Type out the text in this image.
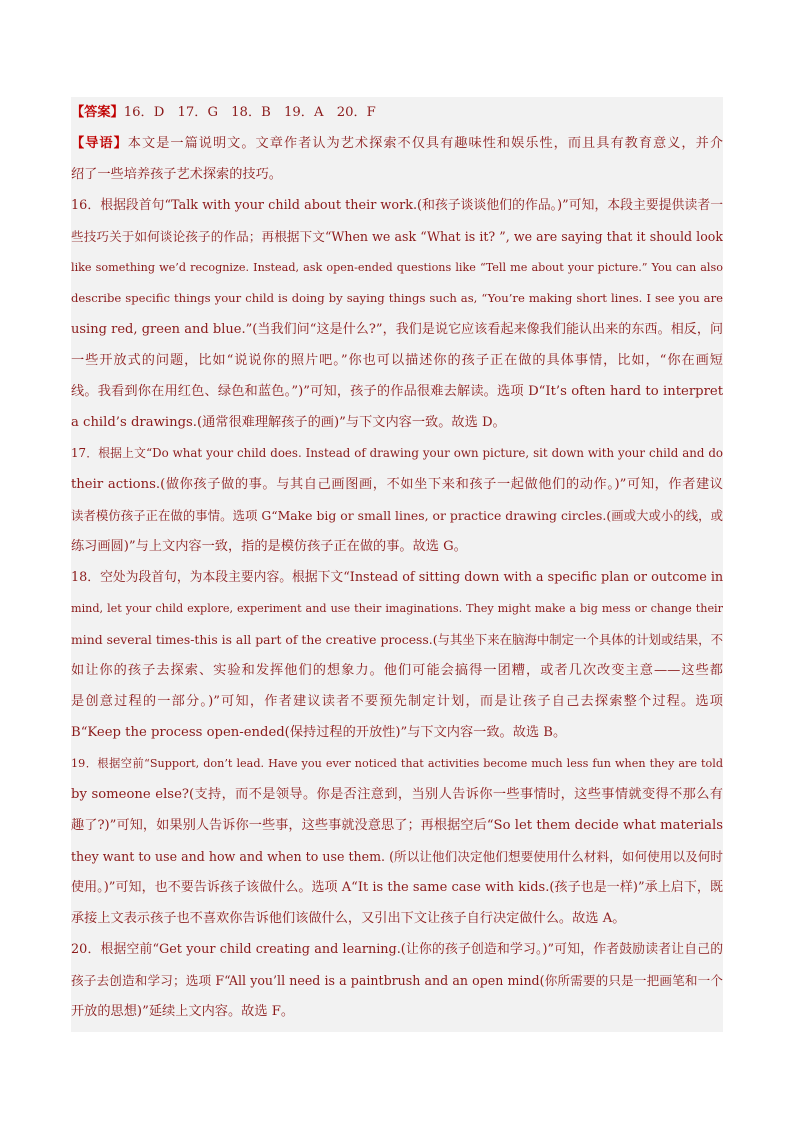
【答案】16．D　17．G　18．B　19．A　20．F
【导语】本文是一篇说明文。文章作者认为艺术探索不仅具有趣味性和娱乐性，而且具有教育意义，并介
绍了一些培养孩子艺术探索的技巧。
16．根据段首句“Talk with your child about their work.(和孩子谈谈他们的作品。)”可知，本段主要提供读者一
些技巧关于如何谈论孩子的作品；再根据下文“When we ask “What is it? ”, we are saying that it should look
like something we’d recognize. Instead, ask open-ended questions like “Tell me about your picture.” You can also
describe specific things your child is doing by saying things such as, “You’re making short lines. I see you are
using red, green and blue.”(当我们问“这是什么?”，我们是说它应该看起来像我们能认出来的东西。相反，问
一些开放式的问题，比如“说说你的照片吧。”你也可以描述你的孩子正在做的具体事情，比如，“你在画短
线。我看到你在用红色、绿色和蓝色。”)”可知，孩子的作品很难去解读。选项 D“It’s often hard to interpret
a child’s drawings.(通常很难理解孩子的画)”与下文内容一致。故选 D。
17．根据上文“Do what your child does. Instead of drawing your own picture, sit down with your child and do
their actions.(做你孩子做的事。与其自己画图画，不如坐下来和孩子一起做他们的动作。)”可知，作者建议
读者模仿孩子正在做的事情。选项 G“Make big or small lines, or practice drawing circles.(画或大或小的线，或
练习画圆)”与上文内容一致，指的是模仿孩子正在做的事。故选 G。
18．空处为段首句，为本段主要内容。根据下文“Instead of sitting down with a specific plan or outcome in
mind, let your child explore, experiment and use their imaginations. They might make a big mess or change their
mind several times-this is all part of the creative process.(与其坐下来在脑海中制定一个具体的计划或结果，不
如让你的孩子去探索、实验和发挥他们的想象力。他们可能会搞得一团糟，或者几次改变主意——这些都
是创意过程的一部分。)”可知，作者建议读者不要预先制定计划，而是让孩子自己去探索整个过程。选项
B“Keep the process open-ended(保持过程的开放性)”与下文内容一致。故选 B。
19．根据空前“Support, don’t lead. Have you ever noticed that activities become much less fun when they are told
by someone else?(支持，而不是领导。你是否注意到，当别人告诉你一些事情时，这些事情就变得不那么有
趣了?)”可知，如果别人告诉你一些事，这些事就没意思了；再根据空后“So let them decide what materials
they want to use and how and when to use them. (所以让他们决定他们想要使用什么材料，如何使用以及何时
使用。)”可知，也不要告诉孩子该做什么。选项 A“It is the same case with kids.(孩子也是一样)”承上启下，既
承接上文表示孩子也不喜欢你告诉他们该做什么，又引出下文让孩子自行决定做什么。故选 A。
20．根据空前“Get your child creating and learning.(让你的孩子创造和学习。)”可知，作者鼓励读者让自己的
孩子去创造和学习；选项 F“All you’ll need is a paintbrush and an open mind(你所需要的只是一把画笔和一个
开放的思想)”延续上文内容。故选 F。
